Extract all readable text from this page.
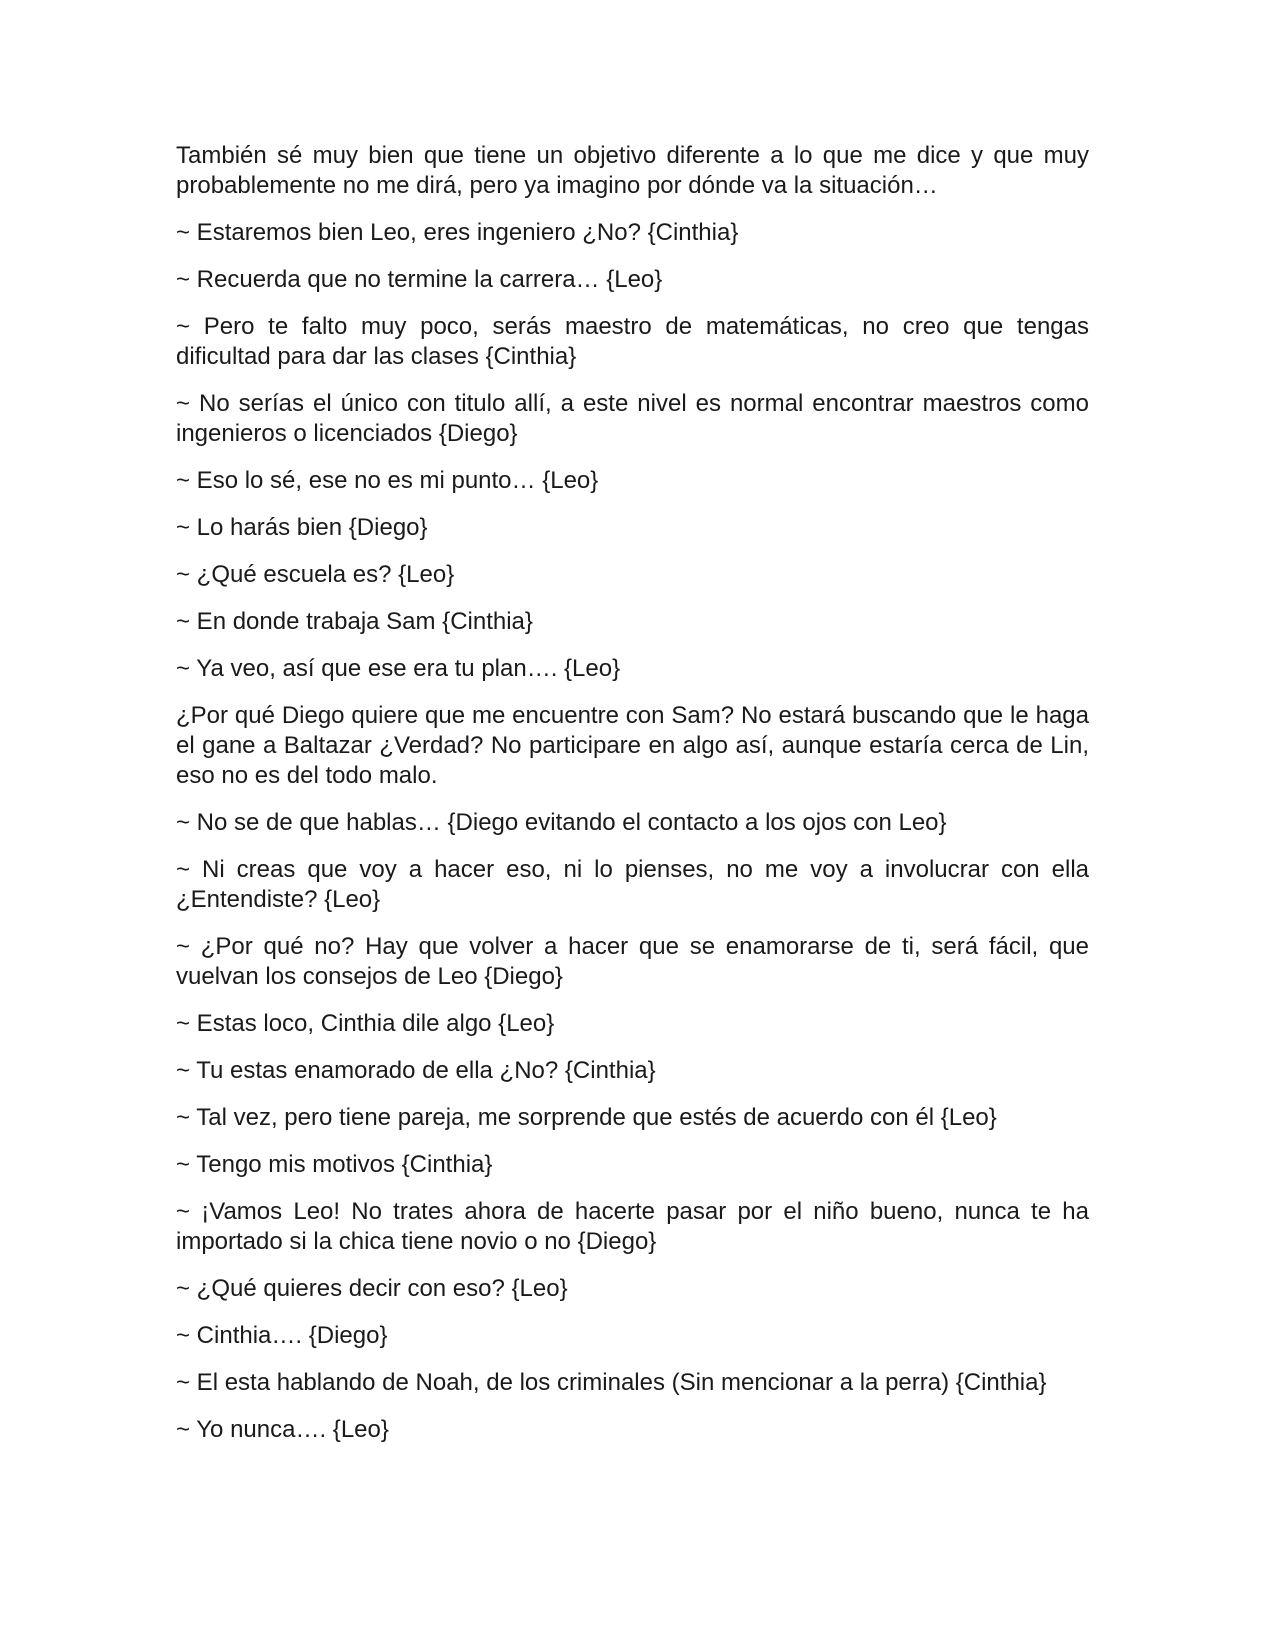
También sé muy bien que tiene un objetivo diferente a lo que me dice y que muy probablemente no me dirá, pero ya imagino por dónde va la situación…

~ Estaremos bien Leo, eres ingeniero ¿No? {Cinthia}

~ Recuerda que no termine la carrera… {Leo}

~ Pero te falto muy poco, serás maestro de matemáticas, no creo que tengas dificultad para dar las clases {Cinthia}

~ No serías el único con titulo allí, a este nivel es normal encontrar maestros como ingenieros o licenciados {Diego}

~ Eso lo sé, ese no es mi punto… {Leo}

~ Lo harás bien {Diego}

~ ¿Qué escuela es? {Leo}

~ En donde trabaja Sam {Cinthia}

~ Ya veo, así que ese era tu plan…. {Leo}

¿Por qué Diego quiere que me encuentre con Sam? No estará buscando que le haga el gane a Baltazar ¿Verdad? No participare en algo así, aunque estaría cerca de Lin, eso no es del todo malo.

~ No se de que hablas… {Diego evitando el contacto a los ojos con Leo}

~ Ni creas que voy a hacer eso, ni lo pienses, no me voy a involucrar con ella ¿Entendiste? {Leo}

~ ¿Por qué no? Hay que volver a hacer que se enamorarse de ti, será fácil, que vuelvan los consejos de Leo {Diego}

~ Estas loco, Cinthia dile algo {Leo}

~ Tu estas enamorado de ella ¿No? {Cinthia}

~ Tal vez, pero tiene pareja, me sorprende que estés de acuerdo con él {Leo}

~ Tengo mis motivos {Cinthia}

~ ¡Vamos Leo! No trates ahora de hacerte pasar por el niño bueno, nunca te ha importado si la chica tiene novio o no {Diego}

~ ¿Qué quieres decir con eso? {Leo}

~ Cinthia…. {Diego}

~ El esta hablando de Noah, de los criminales (Sin mencionar a la perra) {Cinthia}

~ Yo nunca…. {Leo}
